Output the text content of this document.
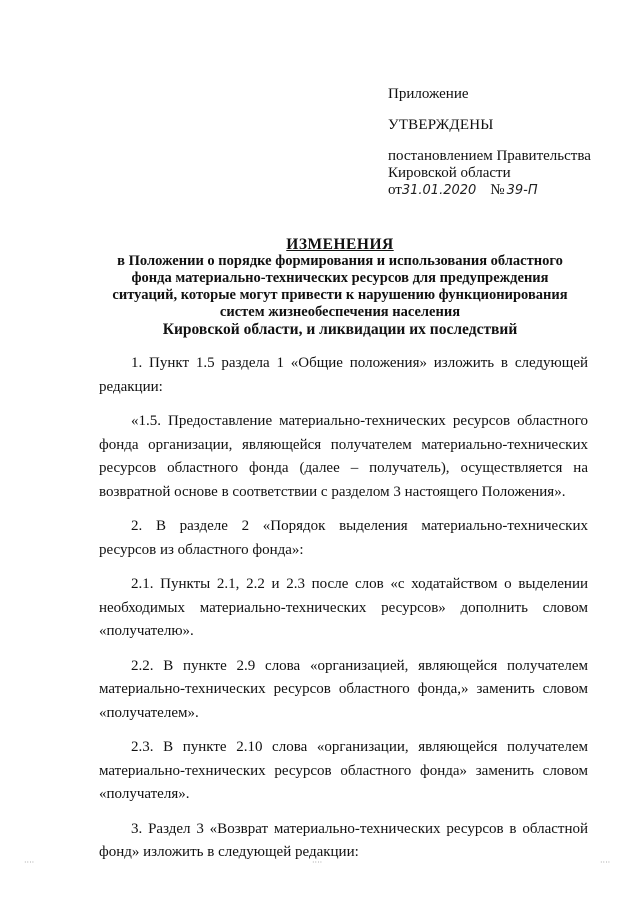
Приложение
УТВЕРЖДЕНЫ
постановлением Правительства
Кировской области
от 31.01.2020 № 39-П
ИЗМЕНЕНИЯ
в Положении о порядке формирования и использования областного
фонда материально-технических ресурсов для предупреждения
ситуаций, которые могут привести к нарушению функционирования
систем жизнеобеспечения населения
Кировской области, и ликвидации их последствий

1. Пункт 1.5 раздела 1 «Общие положения» изложить в следующей редакции:

«1.5. Предоставление материально-технических ресурсов областного фонда организации, являющейся получателем материально-технических ресурсов областного фонда (далее – получатель), осуществляется на возвратной основе в соответствии с разделом 3 настоящего Положения».

2. В разделе 2 «Порядок выделения материально-технических ресурсов из областного фонда»:

2.1. Пункты 2.1, 2.2 и 2.3 после слов «с ходатайством о выделении необходимых материально-технических ресурсов» дополнить словом «получателю».

2.2. В пункте 2.9 слова «организацией, являющейся получателем материально-технических ресурсов областного фонда,» заменить словом «получателем».

2.3. В пункте 2.10 слова «организации, являющейся получателем материально-технических ресурсов областного фонда» заменить словом «получателя».

3. Раздел 3 «Возврат материально-технических ресурсов в областной фонд» изложить в следующей редакции:

····	····	····
